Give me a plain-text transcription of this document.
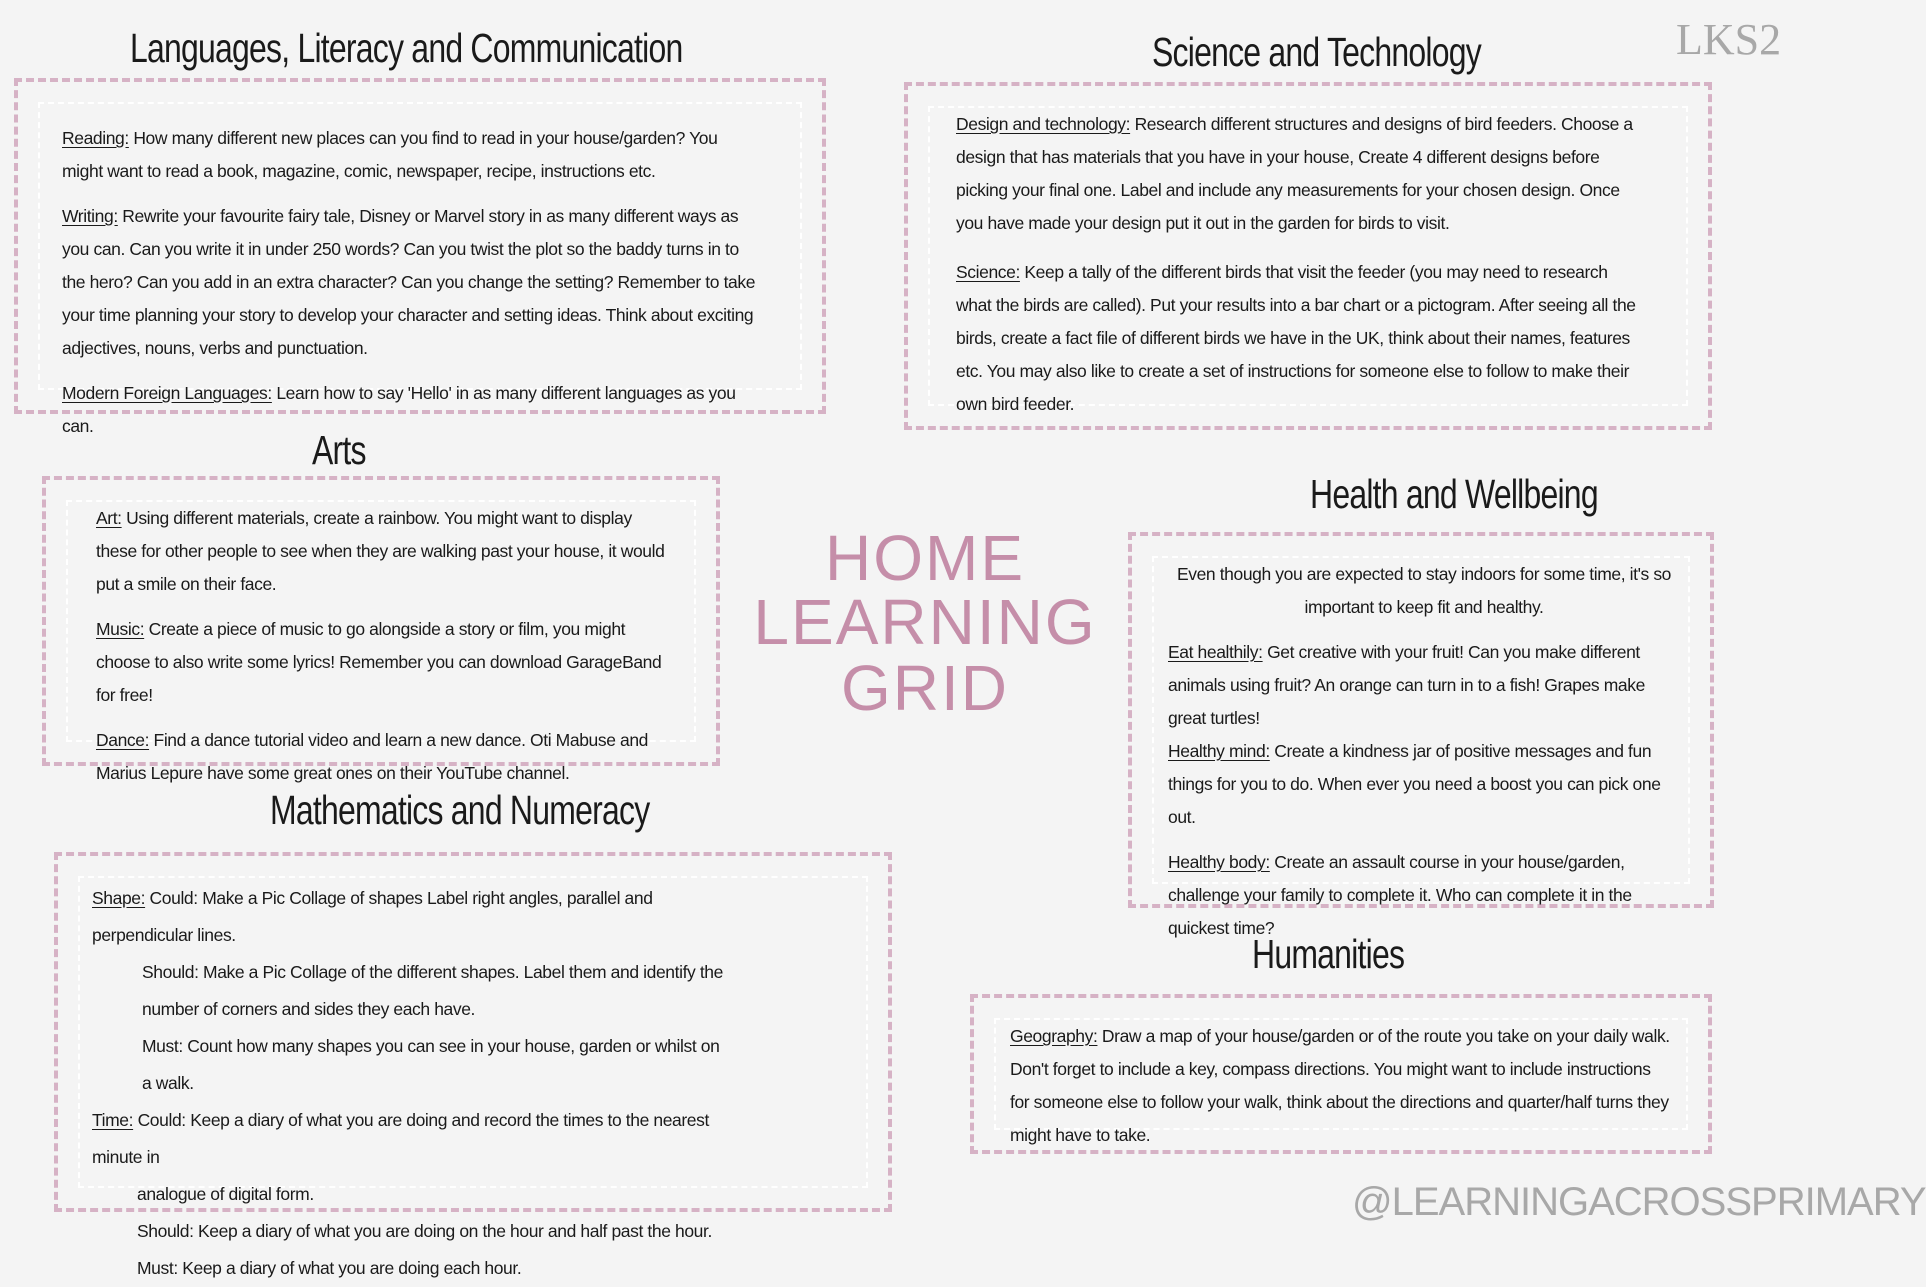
LKS2
Languages, Literacy and Communication

Reading: How many different new places can you find to read in your house/garden? You might want to read a book, magazine, comic, newspaper, recipe, instructions etc.

Writing: Rewrite your favourite fairy tale, Disney or Marvel story in as many different ways as you can. Can you write it in under 250 words? Can you twist the plot so the baddy turns in to the hero? Can you add in an extra character? Can you change the setting? Remember to take your time planning your story to develop your character and setting ideas. Think about exciting adjectives, nouns, verbs and punctuation.

Modern Foreign Languages: Learn how to say 'Hello' in as many different languages as you can.

Science and Technology

Design and technology: Research different structures and designs of bird feeders. Choose a design that has materials that you have in your house, Create 4 different designs before picking your final one. Label and include any measurements for your chosen design. Once you have made your design put it out in the garden for birds to visit.

Science: Keep a tally of the different birds that visit the feeder (you may need to research what the birds are called). Put your results into a bar chart or a pictogram. After seeing all the birds, create a fact file of different birds we have in the UK, think about their names, features etc. You may also like to create a set of instructions for someone else to follow to make their own bird feeder.

Arts

Art: Using different materials, create a rainbow. You might want to display these for other people to see when they are walking past your house, it would put a smile on their face.

Music: Create a piece of music to go alongside a story or film, you might choose to also write some lyrics! Remember you can download GarageBand for free!

Dance: Find a dance tutorial video and learn a new dance. Oti Mabuse and Marius Lepure have some great ones on their YouTube channel.

HOME LEARNING
GRID
Health and Wellbeing

Even though you are expected to stay indoors for some time, it's so important to keep fit and healthy.

Eat healthily: Get creative with your fruit! Can you make different animals using fruit? An orange can turn in to a fish! Grapes make great turtles!

Healthy mind: Create a kindness jar of positive messages and fun things for you to do. When ever you need a boost you can pick one out.

Healthy body: Create an assault course in your house/garden, challenge your family to complete it. Who can complete it in the quickest time?

Mathematics and Numeracy
Shape: Could: Make a Pic Collage of shapes Label right angles, parallel and perpendicular lines.
Should: Make a Pic Collage of the different shapes. Label them and identify the number of corners and sides they each have.
Must: Count how many shapes you can see in your house, garden or whilst on a walk.
Time: Could: Keep a diary of what you are doing and record the times to the nearest minute in
analogue of digital form.
Should: Keep a diary of what you are doing on the hour and half past the hour.
Must: Keep a diary of what you are doing each hour.
Humanities

Geography: Draw a map of your house/garden or of the route you take on your daily walk. Don't forget to include a key, compass directions. You might want to include instructions for someone else to follow your walk, think about the directions and quarter/half turns they might have to take.

@LEARNINGACROSSPRIMARY
